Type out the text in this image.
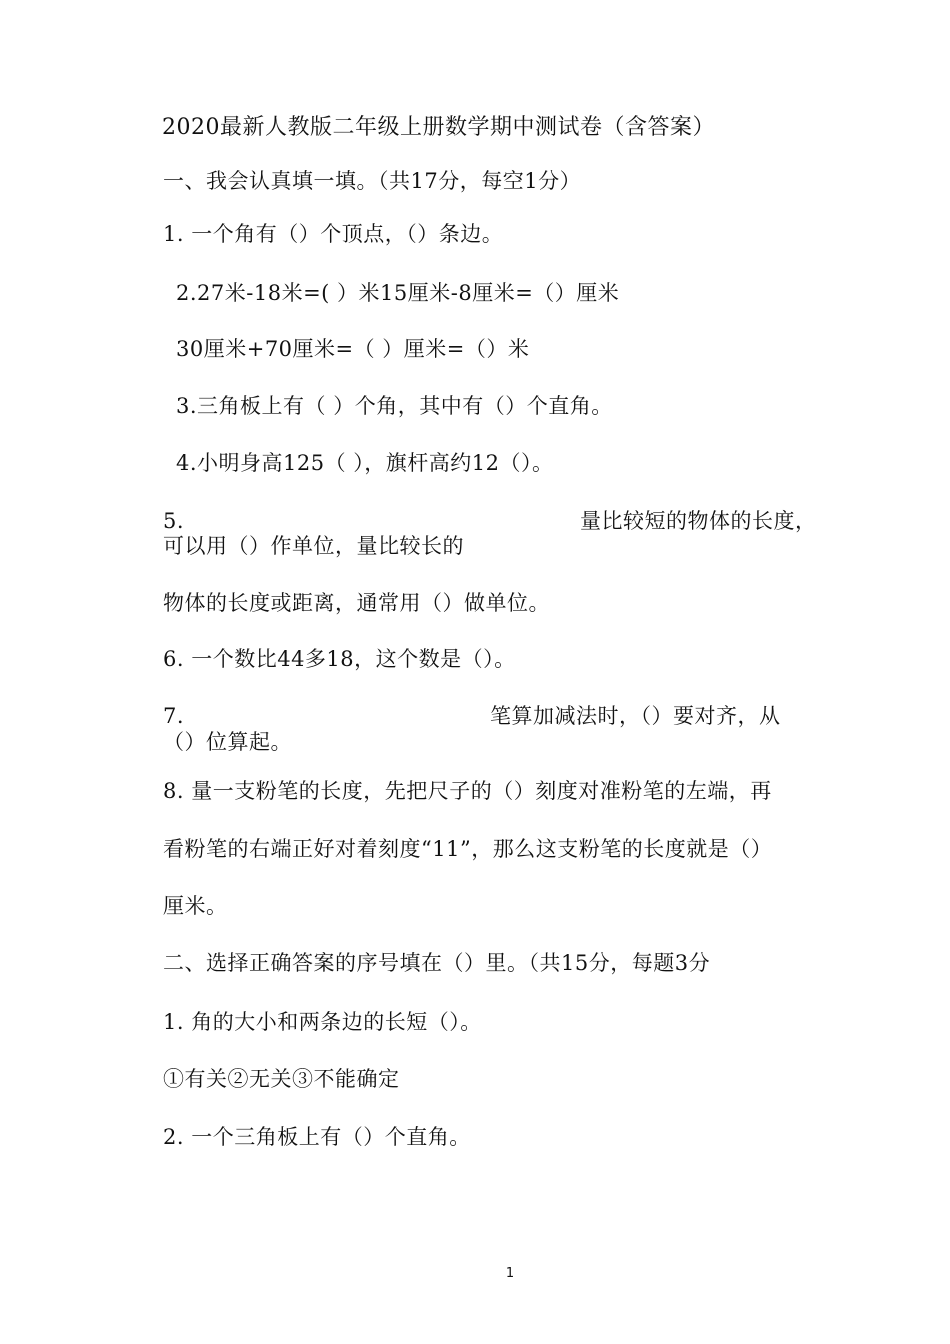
2020最新人教版二年级上册数学期中测试卷（含答案）
一、我会认真填一填。（共17分，每空1分）
1. 一个角有（）个顶点，（）条边。
2.27米-18米=( ）米15厘米-8厘米=（）厘米
30厘米+70厘米=（ ）厘米=（）米
3.三角板上有（ ）个角，其中有（）个直角。
4.小明身高125（ ），旗杆高约12（）。
5.	量比较短的物体的长度，
可以用（）作单位，量比较长的
物体的长度或距离，通常用（）做单位。
6. 一个数比44多18，这个数是（）。
7.	笔算加减法时，（）要对齐，从
（）位算起。
8. 量一支粉笔的长度，先把尺子的（）刻度对准粉笔的左端，再
看粉笔的右端正好对着刻度“11”，那么这支粉笔的长度就是（）
厘米。
二、选择正确答案的序号填在（）里。（共15分，每题3分
1. 角的大小和两条边的长短（）。
①有关②无关③不能确定
2. 一个三角板上有（）个直角。
1
